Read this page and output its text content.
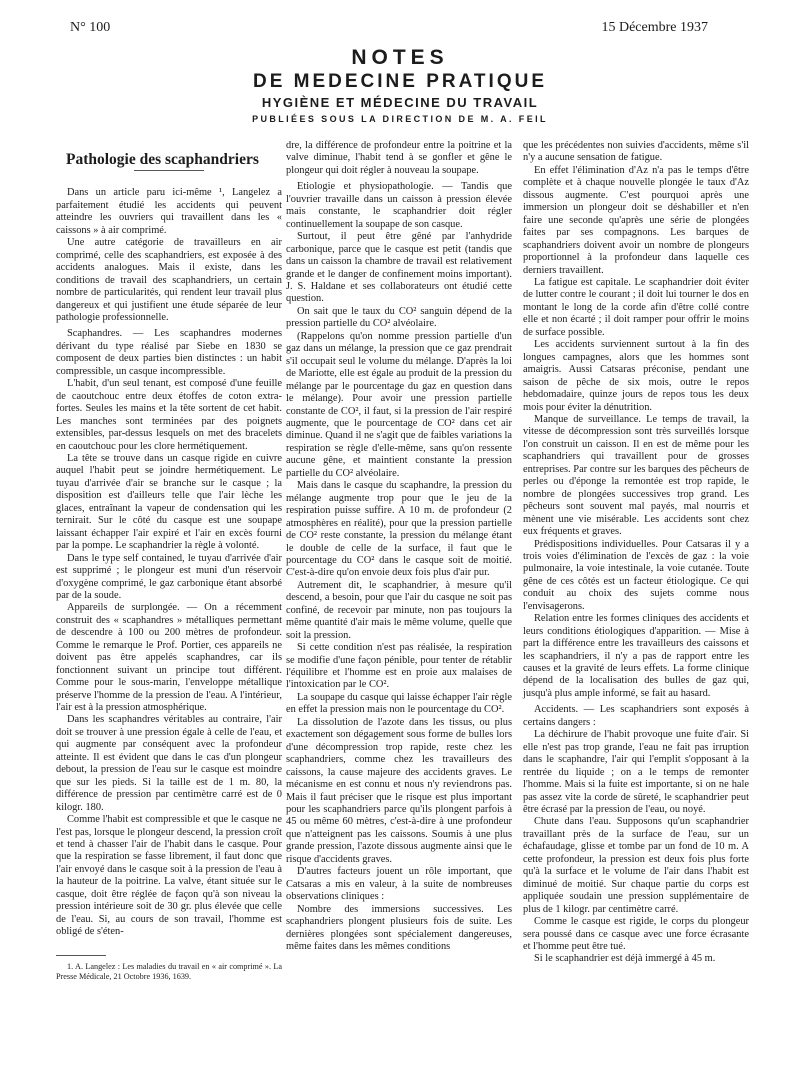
N° 100	15 Décembre 1937
NOTES
DE MEDECINE PRATIQUE
HYGIÈNE ET MÉDECINE DU TRAVAIL
PUBLIÉES SOUS LA DIRECTION DE M. A. FEIL
Pathologie des scaphandriers

Dans un article paru ici-même ¹, Langelez a parfaitement étudié les accidents qui peuvent atteindre les ouvriers qui travaillent dans les « caissons » à air comprimé.

Une autre catégorie de travailleurs en air comprimé, celle des scaphandriers, est exposée à des accidents analogues. Mais il existe, dans les conditions de travail des scaphandriers, un certain nombre de particularités, qui rendent leur travail plus dangereux et qui justifient une étude séparée de leur pathologie professionnelle.

Scaphandres. — Les scaphandres modernes dérivant du type réalisé par Siebe en 1830 se composent de deux parties bien distinctes : un habit compressible, un casque incompressible.

L'habit, d'un seul tenant, est composé d'une feuille de caoutchouc entre deux étoffes de coton extra-fortes. Seules les mains et la tête sortent de cet habit. Les manches sont terminées par des poignets extensibles, par-dessus lesquels on met des bracelets en caoutchouc pour les clore hermétiquement.

La tête se trouve dans un casque rigide en cuivre auquel l'habit peut se joindre hermétiquement. Le tuyau d'arrivée d'air se branche sur le casque ; la disposition est d'ailleurs telle que l'air lèche les glaces, entraînant la vapeur de condensation qui les ternirait. Sur le côté du casque est une soupape laissant échapper l'air expiré et l'air en excès fourni par la pompe. Le scaphandrier la règle à volonté.

Dans le type self contained, le tuyau d'arrivée d'air est supprimé ; le plongeur est muni d'un réservoir d'oxygène comprimé, le gaz carbonique étant absorbé par de la soude.

Appareils de surplongée. — On a récemment construit des « scaphandres » métalliques permettant de descendre à 100 ou 200 mètres de profondeur. Comme le remarque le Prof. Portier, ces appareils ne doivent pas être appelés scaphandres, car ils fonctionnent suivant un principe tout différent. Comme pour le sous-marin, l'enveloppe métallique préserve l'homme de la pression de l'eau. A l'intérieur, l'air est à la pression atmosphérique.

Dans les scaphandres véritables au contraire, l'air doit se trouver à une pression égale à celle de l'eau, et qui augmente par conséquent avec la profondeur atteinte. Il est évident que dans le cas d'un plongeur debout, la pression de l'eau sur le casque est moindre que sur les pieds. Si la taille est de 1 m. 80, la différence de pression par centimètre carré est de 0 kilogr. 180.

Comme l'habit est compressible et que le casque ne l'est pas, lorsque le plongeur descend, la pression croît et tend à chasser l'air de l'habit dans le casque. Pour que la respiration se fasse librement, il faut donc que l'air envoyé dans le casque soit à la pression de l'eau à la hauteur de la poitrine. La valve, étant située sur le casque, doit être réglée de façon qu'à son niveau la pression intérieure soit de 30 gr. plus élevée que celle de l'eau. Si, au cours de son travail, l'homme est obligé de s'éten-

1. A. Langelez : Les maladies du travail en « air comprimé ». La Presse Médicale, 21 Octobre 1936, 1639.

dre, la différence de profondeur entre la poitrine et la valve diminue, l'habit tend à se gonfler et gêne le plongeur qui doit régler à nouveau la soupape.

Etiologie et physiopathologie. — Tandis que l'ouvrier travaille dans un caisson à pression élevée mais constante, le scaphandrier doit régler continuellement la soupape de son casque.

Surtout, il peut être gêné par l'anhydride carbonique, parce que le casque est petit (tandis que dans un caisson la chambre de travail est relativement grande et le danger de confinement moins important). J. S. Haldane et ses collaborateurs ont étudié cette question.

On sait que le taux du CO² sanguin dépend de la pression partielle du CO² alvéolaire.

(Rappelons qu'on nomme pression partielle d'un gaz dans un mélange, la pression que ce gaz prendrait s'il occupait seul le volume du mélange. D'après la loi de Mariotte, elle est égale au produit de la pression du mélange par le pourcentage du gaz en question dans le mélange). Pour avoir une pression partielle constante de CO², il faut, si la pression de l'air respiré augmente, que le pourcentage de CO² dans cet air diminue. Quand il ne s'agit que de faibles variations la respiration se règle d'elle-même, sans qu'on ressente aucune gêne, et maintient constante la pression partielle du CO² alvéolaire.

Mais dans le casque du scaphandre, la pression du mélange augmente trop pour que le jeu de la respiration puisse suffire. A 10 m. de profondeur (2 atmosphères en réalité), pour que la pression partielle de CO² reste constante, la pression du mélange étant le double de celle de la surface, il faut que le pourcentage du CO² dans le casque soit de moitié. C'est-à-dire qu'on envoie deux fois plus d'air pur.

Autrement dit, le scaphandrier, à mesure qu'il descend, a besoin, pour que l'air du casque ne soit pas confiné, de recevoir par minute, non pas toujours la même quantité d'air mais le même volume, quelle que soit la pression.

Si cette condition n'est pas réalisée, la respiration se modifie d'une façon pénible, pour tenter de rétablir l'équilibre et l'homme est en proie aux malaises de l'intoxication par le CO².

La soupape du casque qui laisse échapper l'air règle en effet la pression mais non le pourcentage du CO².

La dissolution de l'azote dans les tissus, ou plus exactement son dégagement sous forme de bulles lors d'une décompression trop rapide, reste chez les scaphandriers, comme chez les travailleurs des caissons, la cause majeure des accidents graves. Le mécanisme en est connu et nous n'y reviendrons pas. Mais il faut préciser que le risque est plus important pour les scaphandriers parce qu'ils plongent parfois à 45 ou même 60 mètres, c'est-à-dire à une profondeur que n'atteignent pas les caissons. Soumis à une plus grande pression, l'azote dissous augmente ainsi que le risque d'accidents graves.

D'autres facteurs jouent un rôle important, que Catsaras a mis en valeur, à la suite de nombreuses observations cliniques :

Nombre des immersions successives. Les scaphandriers plongent plusieurs fois de suite. Les dernières plongées sont spécialement dangereuses, même faites dans les mêmes conditions

que les précédentes non suivies d'accidents, même s'il n'y a aucune sensation de fatigue.

En effet l'élimination d'Az n'a pas le temps d'être complète et à chaque nouvelle plongée le taux d'Az dissous augmente. C'est pourquoi après une immersion un plongeur doit se déshabiller et n'en faire une seconde qu'après une série de plongées faites par ses compagnons. Les barques de scaphandriers doivent avoir un nombre de plongeurs proportionnel à la profondeur dans laquelle ces derniers travaillent.

La fatigue est capitale. Le scaphandrier doit éviter de lutter contre le courant ; il doit lui tourner le dos en montant le long de la corde afin d'être collé contre elle et non écarté ; il doit ramper pour offrir le moins de surface possible.

Les accidents surviennent surtout à la fin des longues campagnes, alors que les hommes sont amaigris. Aussi Catsaras préconise, pendant une saison de pêche de six mois, outre le repos hebdomadaire, quinze jours de repos tous les deux mois pour éviter la dénutrition.

Manque de surveillance. Le temps de travail, la vitesse de décompression sont très surveillés lorsque l'on construit un caisson. Il en est de même pour les scaphandriers qui travaillent pour de grosses entreprises. Par contre sur les barques des pêcheurs de perles ou d'éponge la remontée est trop rapide, le nombre de plongées successives trop grand. Les pêcheurs sont souvent mal payés, mal nourris et mènent une vie misérable. Les accidents sont chez eux fréquents et graves.

Prédispositions individuelles. Pour Catsaras il y a trois voies d'élimination de l'excès de gaz : la voie pulmonaire, la voie intestinale, la voie cutanée. Toute gêne de ces côtés est un facteur étiologique. Ce qui conduit au choix des sujets comme nous l'envisagerons.

Relation entre les formes cliniques des accidents et leurs conditions étiologiques d'apparition. — Mise à part la différence entre les travailleurs des caissons et les scaphandriers, il n'y a pas de rapport entre les causes et la gravité de leurs effets. La forme clinique dépend de la localisation des bulles de gaz qui, jusqu'à plus ample informé, se fait au hasard.

Accidents. — Les scaphandriers sont exposés à certains dangers :

La déchirure de l'habit provoque une fuite d'air. Si elle n'est pas trop grande, l'eau ne fait pas irruption dans le scaphandre, l'air qui l'emplit s'opposant à la rentrée du liquide ; on a le temps de remonter l'homme. Mais si la fuite est importante, si on ne hale pas assez vite la corde de sûreté, le scaphandrier peut être écrasé par la pression de l'eau, ou noyé.

Chute dans l'eau. Supposons qu'un scaphandrier travaillant près de la surface de l'eau, sur un échafaudage, glisse et tombe par un fond de 10 m. A cette profondeur, la pression est deux fois plus forte qu'à la surface et le volume de l'air dans l'habit est diminué de moitié. Sur chaque partie du corps est appliquée soudain une pression supplémentaire de plus de 1 kilogr. par centimètre carré.

Comme le casque est rigide, le corps du plongeur sera poussé dans ce casque avec une force écrasante et l'homme peut être tué.

Si le scaphandrier est déjà immergé à 45 m.
